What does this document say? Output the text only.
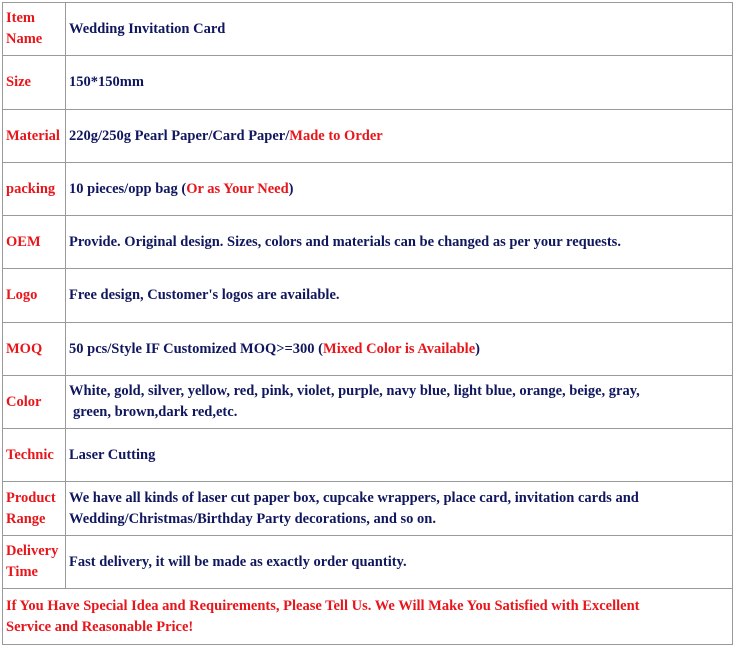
Item
Name	Wedding Invitation Card
Size	150*150mm
Material	220g/250g Pearl Paper/Card Paper/Made to Order
packing	10 pieces/opp bag (Or as Your Need)
OEM	Provide. Original design. Sizes, colors and materials can be changed as per your requests.
Logo	Free design, Customer's logos are available.
MOQ	50 pcs/Style IF Customized MOQ>=300 (Mixed Color is Available)
Color	White, gold, silver, yellow, red, pink, violet, purple, navy blue, light blue, orange, beige, gray,
green, brown,dark red,etc.
Technic	Laser Cutting
Product
Range	We have all kinds of laser cut paper box, cupcake wrappers, place card, invitation cards and
Wedding/Christmas/Birthday Party decorations, and so on.
Delivery
Time	Fast delivery, it will be made as exactly order quantity.
If You Have Special Idea and Requirements, Please Tell Us. We Will Make You Satisfied with Excellent
Service and Reasonable Price!	
